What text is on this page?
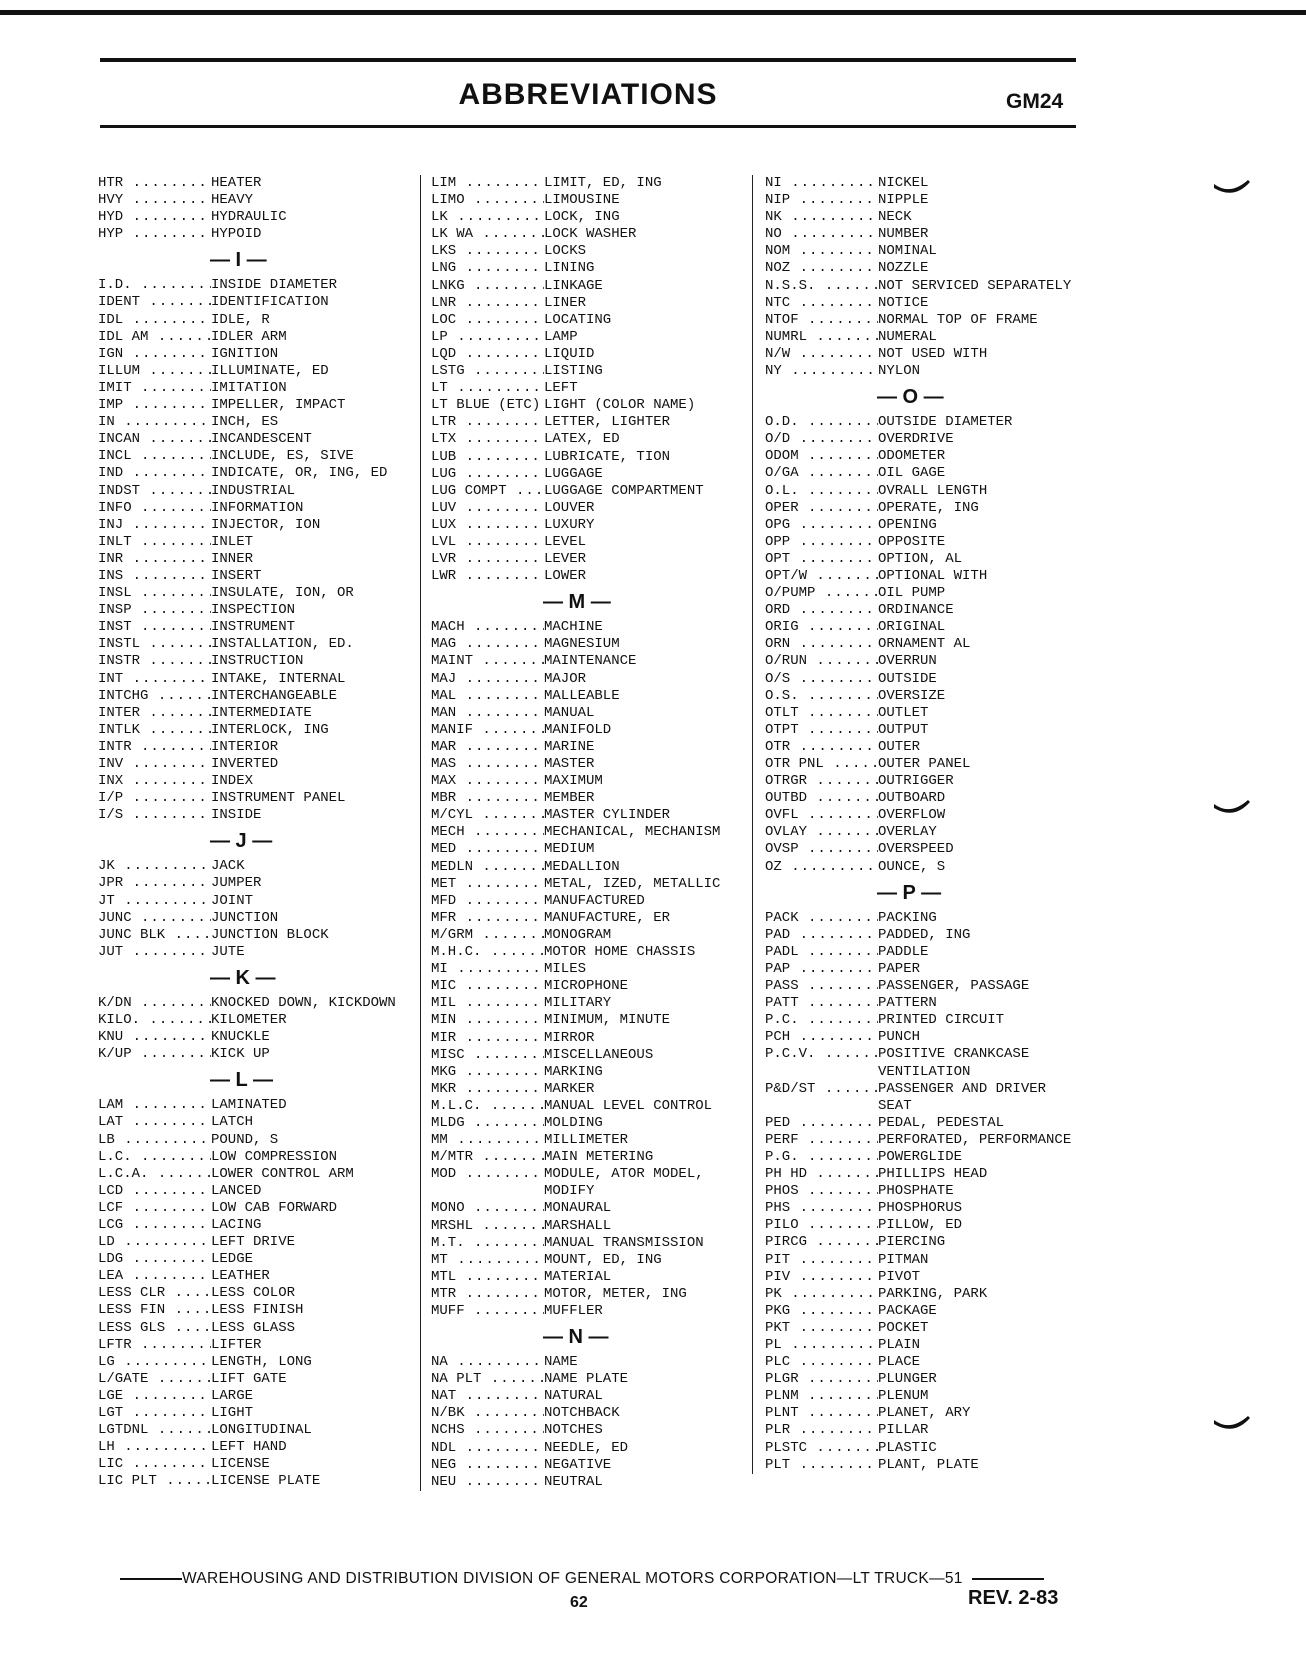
ABBREVIATIONS	GM24
HTR .....	HEATER
HVY .....	HEAVY
HYD .....	HYDRAULIC
HYP .....	HYPOID
— I —
I.D. .....	INSIDE DIAMETER
IDENT .....	IDENTIFICATION
IDL .....	IDLE, R
IDL AM .....	IDLER ARM
IGN .....	IGNITION
ILLUM .....	ILLUMINATE, ED
IMIT .....	IMITATION
IMP .....	IMPELLER, IMPACT
IN .....	INCH, ES
INCAN .....	INCANDESCENT
INCL .....	INCLUDE, ES, SIVE
IND .....	INDICATE, OR, ING, ED
INDST .....	INDUSTRIAL
INFO .....	INFORMATION
INJ .....	INJECTOR, ION
INLT .....	INLET
INR .....	INNER
INS .....	INSERT
INSL .....	INSULATE, ION, OR
INSP .....	INSPECTION
INST .....	INSTRUMENT
INSTL .....	INSTALLATION, ED.
INSTR .....	INSTRUCTION
INT .....	INTAKE, INTERNAL
INTCHG .....	INTERCHANGEABLE
INTER .....	INTERMEDIATE
INTLK .....	INTERLOCK, ING
INTR .....	INTERIOR
INV .....	INVERTED
INX .....	INDEX
I/P .....	INSTRUMENT PANEL
I/S .....	INSIDE
— J —
JK .....	JACK
JPR .....	JUMPER
JT .....	JOINT
JUNC .....	JUNCTION
JUNC BLK .....	JUNCTION BLOCK
JUT .....	JUTE
— K —
K/DN .....	KNOCKED DOWN, KICKDOWN
KILO. .....	KILOMETER
KNU .....	KNUCKLE
K/UP .....	KICK UP
— L —
LAM .....	LAMINATED
LAT .....	LATCH
LB .....	POUND, S
L.C. .....	LOW COMPRESSION
L.C.A. .....	LOWER CONTROL ARM
LCD .....	LANCED
LCF .....	LOW CAB FORWARD
LCG .....	LACING
LD .....	LEFT DRIVE
LDG .....	LEDGE
LEA .....	LEATHER
LESS CLR .....	LESS COLOR
LESS FIN .....	LESS FINISH
LESS GLS .....	LESS GLASS
LFTR .....	LIFTER
LG .....	LENGTH, LONG
L/GATE .....	LIFT GATE
LGE .....	LARGE
LGT .....	LIGHT
LGTDNL .....	LONGITUDINAL
LH .....	LEFT HAND
LIC .....	LICENSE
LIC PLT .....	LICENSE PLATE
LIM .....	LIMIT, ED, ING
LIMO .....	LIMOUSINE
LK .....	LOCK, ING
LK WA .....	LOCK WASHER
LKS .....	LOCKS
LNG .....	LINING
LNKG .....	LINKAGE
LNR .....	LINER
LOC .....	LOCATING
LP .....	LAMP
LQD .....	LIQUID
LSTG .....	LISTING
LT .....	LEFT
LT BLUE (ETC) ..... LIGHT (COLOR NAME)
LTR .....	LETTER, LIGHTER
LTX .....	LATEX, ED
LUB .....	LUBRICATE, TION
LUG .....	LUGGAGE
LUG COMPT .....	LUGGAGE COMPARTMENT
LUV .....	LOUVER
LUX .....	LUXURY
LVL .....	LEVEL
LVR .....	LEVER
LWR .....	LOWER
— M —
MACH .....	MACHINE
MAG .....	MAGNESIUM
MAINT .....	MAINTENANCE
MAJ .....	MAJOR
MAL .....	MALLEABLE
MAN .....	MANUAL
MANIF .....	MANIFOLD
MAR .....	MARINE
MAS .....	MASTER
MAX .....	MAXIMUM
MBR .....	MEMBER
M/CYL .....	MASTER CYLINDER
MECH .....	MECHANICAL, MECHANISM
MED .....	MEDIUM
MEDLN .....	MEDALLION
MET .....	METAL, IZED, METALLIC
MFD .....	MANUFACTURED
MFR .....	MANUFACTURE, ER
M/GRM .....	MONOGRAM
M.H.C. .....	MOTOR HOME CHASSIS
MI .....	MILES
MIC .....	MICROPHONE
MIL .....	MILITARY
MIN .....	MINIMUM, MINUTE
MIR .....	MIRROR
MISC .....	MISCELLANEOUS
MKG .....	MARKING
MKR .....	MARKER
M.L.C. .....	MANUAL LEVEL CONTROL
MLDG .....	MOLDING
MM .....	MILLIMETER
M/MTR .....	MAIN METERING
MOD .....	MODULE, ATOR MODEL, MODIFY
MONO .....	MONAURAL
MRSHL .....	MARSHALL
M.T. .....	MANUAL TRANSMISSION
MT .....	MOUNT, ED, ING
MTL .....	MATERIAL
MTR .....	MOTOR, METER, ING
MUFF .....	MUFFLER
— N —
NA .....	NAME
NA PLT .....	NAME PLATE
NAT .....	NATURAL
N/BK .....	NOTCHBACK
NCHS .....	NOTCHES
NDL .....	NEEDLE, ED
NEG .....	NEGATIVE
NEU .....	NEUTRAL
NI .....	NICKEL
NIP .....	NIPPLE
NK .....	NECK
NO .....	NUMBER
NOM .....	NOMINAL
NOZ .....	NOZZLE
N.S.S. .....	NOT SERVICED SEPARATELY
NTC .....	NOTICE
NTOF .....	NORMAL TOP OF FRAME
NUMRL .....	NUMERAL
N/W .....	NOT USED WITH
NY .....	NYLON
— O —
O.D. .....	OUTSIDE DIAMETER
O/D .....	OVERDRIVE
ODOM .....	ODOMETER
O/GA .....	OIL GAGE
O.L. .....	OVRALL LENGTH
OPER .....	OPERATE, ING
OPG .....	OPENING
OPP .....	OPPOSITE
OPT .....	OPTION, AL
OPT/W .....	OPTIONAL WITH
O/PUMP .....	OIL PUMP
ORD .....	ORDINANCE
ORIG .....	ORIGINAL
ORN .....	ORNAMENT AL
O/RUN .....	OVERRUN
O/S .....	OUTSIDE
O.S. .....	OVERSIZE
OTLT .....	OUTLET
OTPT .....	OUTPUT
OTR .....	OUTER
OTR PNL .....	OUTER PANEL
OTRGR .....	OUTRIGGER
OUTBD .....	OUTBOARD
OVFL .....	OVERFLOW
OVLAY .....	OVERLAY
OVSP .....	OVERSPEED
OZ .....	OUNCE, S
— P —
PACK .....	PACKING
PAD .....	PADDED, ING
PADL .....	PADDLE
PAP .....	PAPER
PASS .....	PASSENGER, PASSAGE
PATT .....	PATTERN
P.C. .....	PRINTED CIRCUIT
PCH .....	PUNCH
P.C.V. .....	POSITIVE CRANKCASE VENTILATION
P&D/ST .....	PASSENGER AND DRIVER SEAT
PED .....	PEDAL, PEDESTAL
PERF .....	PERFORATED, PERFORMANCE
P.G. .....	POWERGLIDE
PH HD .....	PHILLIPS HEAD
PHOS .....	PHOSPHATE
PHS .....	PHOSPHORUS
PILO .....	PILLOW, ED
PIRCG .....	PIERCING
PIT .....	PITMAN
PIV .....	PIVOT
PK .....	PARKING, PARK
PKG .....	PACKAGE
PKT .....	POCKET
PL .....	PLAIN
PLC .....	PLACE
PLGR .....	PLUNGER
PLNM .....	PLENUM
PLNT .....	PLANET, ARY
PLR .....	PILLAR
PLSTC .....	PLASTIC
PLT .....	PLANT, PLATE
WAREHOUSING AND DISTRIBUTION DIVISION OF GENERAL MOTORS CORPORATION—LT TRUCK—51
62	REV. 2-83
